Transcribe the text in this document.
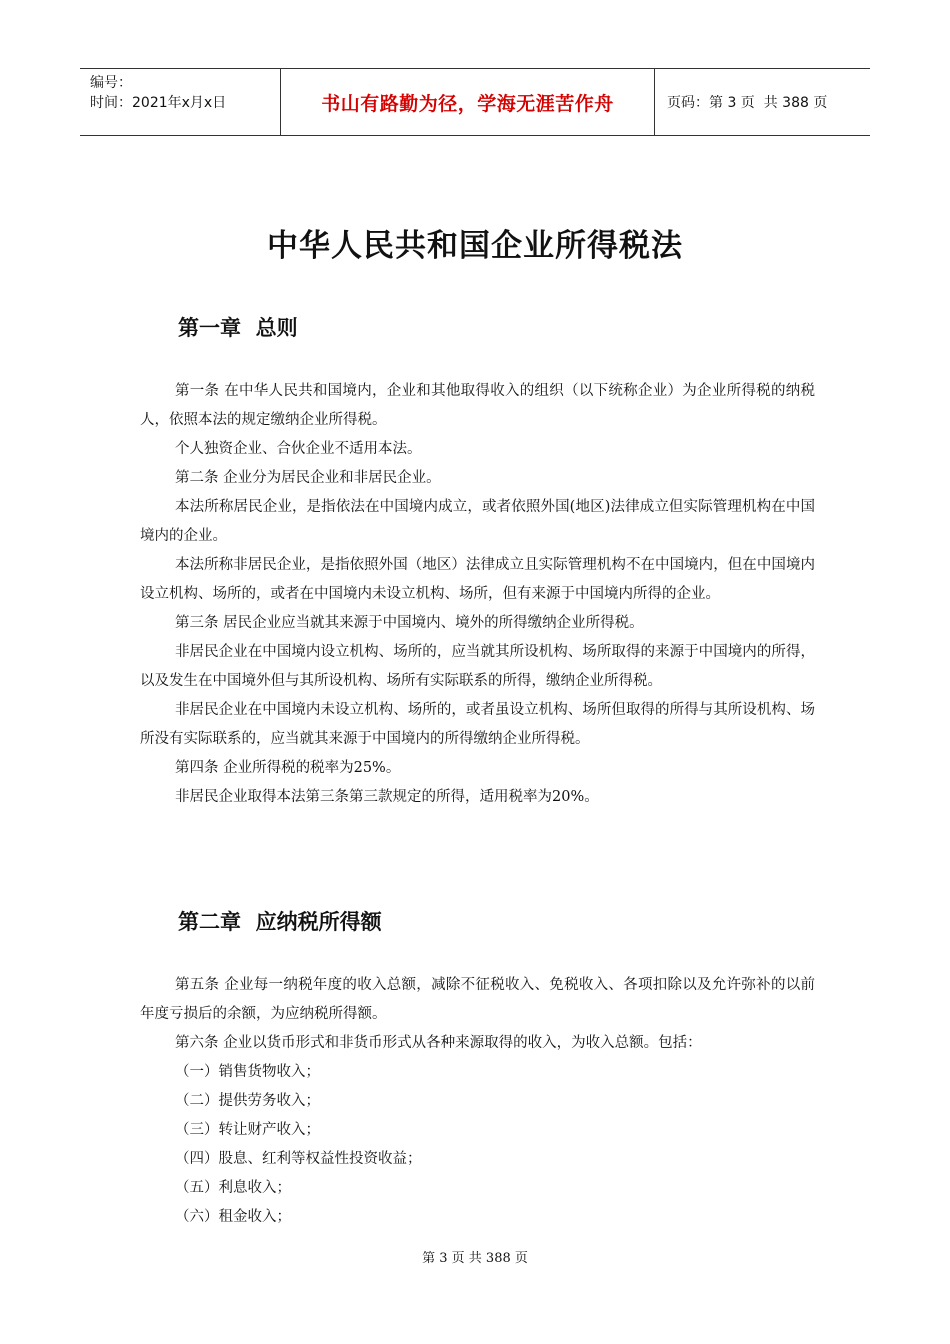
编号：
时间：2021年x月x日	书山有路勤为径，学海无涯苦作舟	页码：第 3 页  共 388 页
中华人民共和国企业所得税法
第一章  总则

第一条 在中华人民共和国境内，企业和其他取得收入的组织（以下统称企业）为企业所得税的纳税人，依照本法的规定缴纳企业所得税。

个人独资企业、合伙企业不适用本法。

第二条 企业分为居民企业和非居民企业。

本法所称居民企业，是指依法在中国境内成立，或者依照外国(地区)法律成立但实际管理机构在中国境内的企业。

本法所称非居民企业，是指依照外国（地区）法律成立且实际管理机构不在中国境内，但在中国境内设立机构、场所的，或者在中国境内未设立机构、场所，但有来源于中国境内所得的企业。

第三条 居民企业应当就其来源于中国境内、境外的所得缴纳企业所得税。

非居民企业在中国境内设立机构、场所的，应当就其所设机构、场所取得的来源于中国境内的所得，以及发生在中国境外但与其所设机构、场所有实际联系的所得，缴纳企业所得税。

非居民企业在中国境内未设立机构、场所的，或者虽设立机构、场所但取得的所得与其所设机构、场所没有实际联系的，应当就其来源于中国境内的所得缴纳企业所得税。

第四条 企业所得税的税率为25%。

非居民企业取得本法第三条第三款规定的所得，适用税率为20%。

第二章  应纳税所得额

第五条 企业每一纳税年度的收入总额，减除不征税收入、免税收入、各项扣除以及允许弥补的以前年度亏损后的余额，为应纳税所得额。

第六条 企业以货币形式和非货币形式从各种来源取得的收入，为收入总额。包括：

（一）销售货物收入；

（二）提供劳务收入；

（三）转让财产收入；

（四）股息、红利等权益性投资收益；

（五）利息收入；

（六）租金收入；

第 3 页 共 388 页
